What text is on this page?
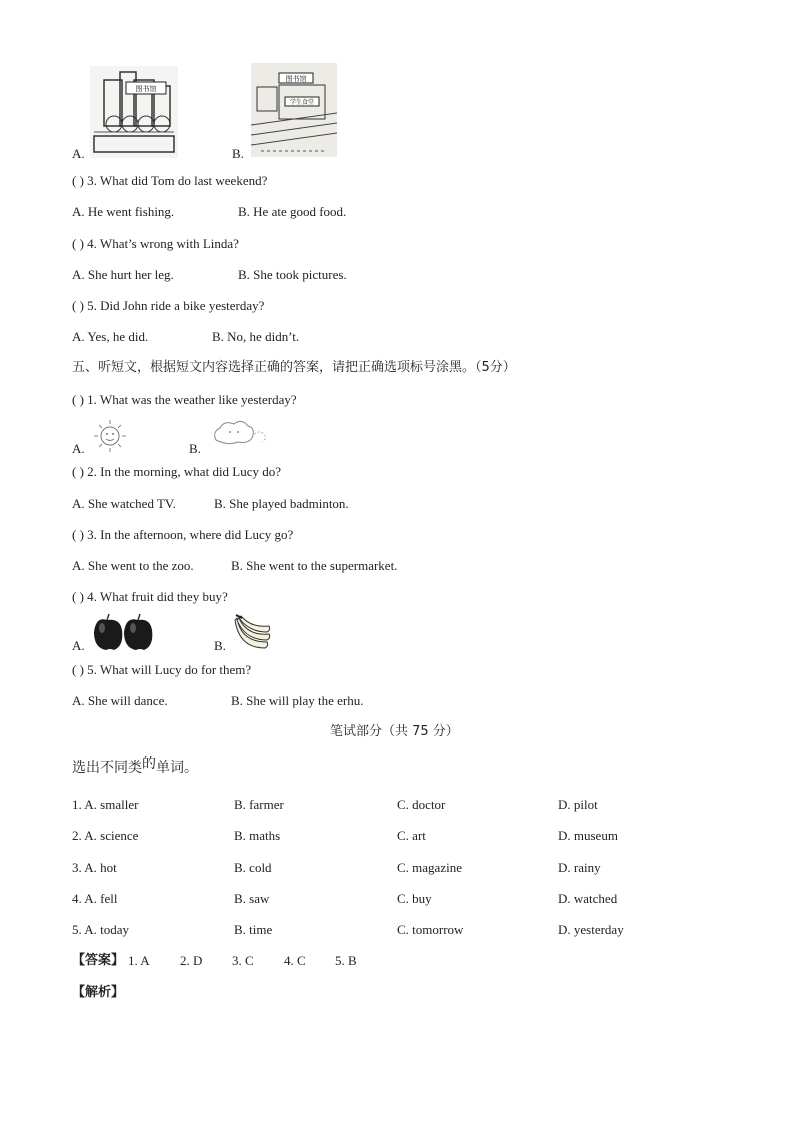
A.
图书馆
B.
图书馆
学生食堂
( ) 3. What did Tom do last weekend?
A. He went fishing.	B. He ate good food.
( ) 4. What’s wrong with Linda?
A. She hurt her leg.	B. She took pictures.
( ) 5. Did John ride a bike yesterday?
A. Yes, he did.	B. No, he didn’t.
五、听短文，根据短文内容选择正确的答案，请把正确选项标号涂黑。（5分）
( ) 1. What was the weather like yesterday?
A.	B.
( ) 2. In the morning, what did Lucy do?
A. She watched TV.	B. She played badminton.
( ) 3. In the afternoon, where did Lucy go?
A. She went to the zoo.	B. She went to the supermarket.
( ) 4. What fruit did they buy?
A.	B.
( ) 5. What will Lucy do for them?
A. She will dance.	B. She will play the erhu.
笔试部分（共 75 分）
选出不同类的单词。
1. A. smaller	B. farmer	C. doctor	D. pilot
2. A. science	B. maths	C. art	D. museum
3. A. hot	B. cold	C. magazine	D. rainy
4. A. fell	B. saw	C. buy	D. watched
5. A. today	B. time	C. tomorrow	D. yesterday
【答案】 1. A 2. D 3. C 4. C 5. B
【解析】
